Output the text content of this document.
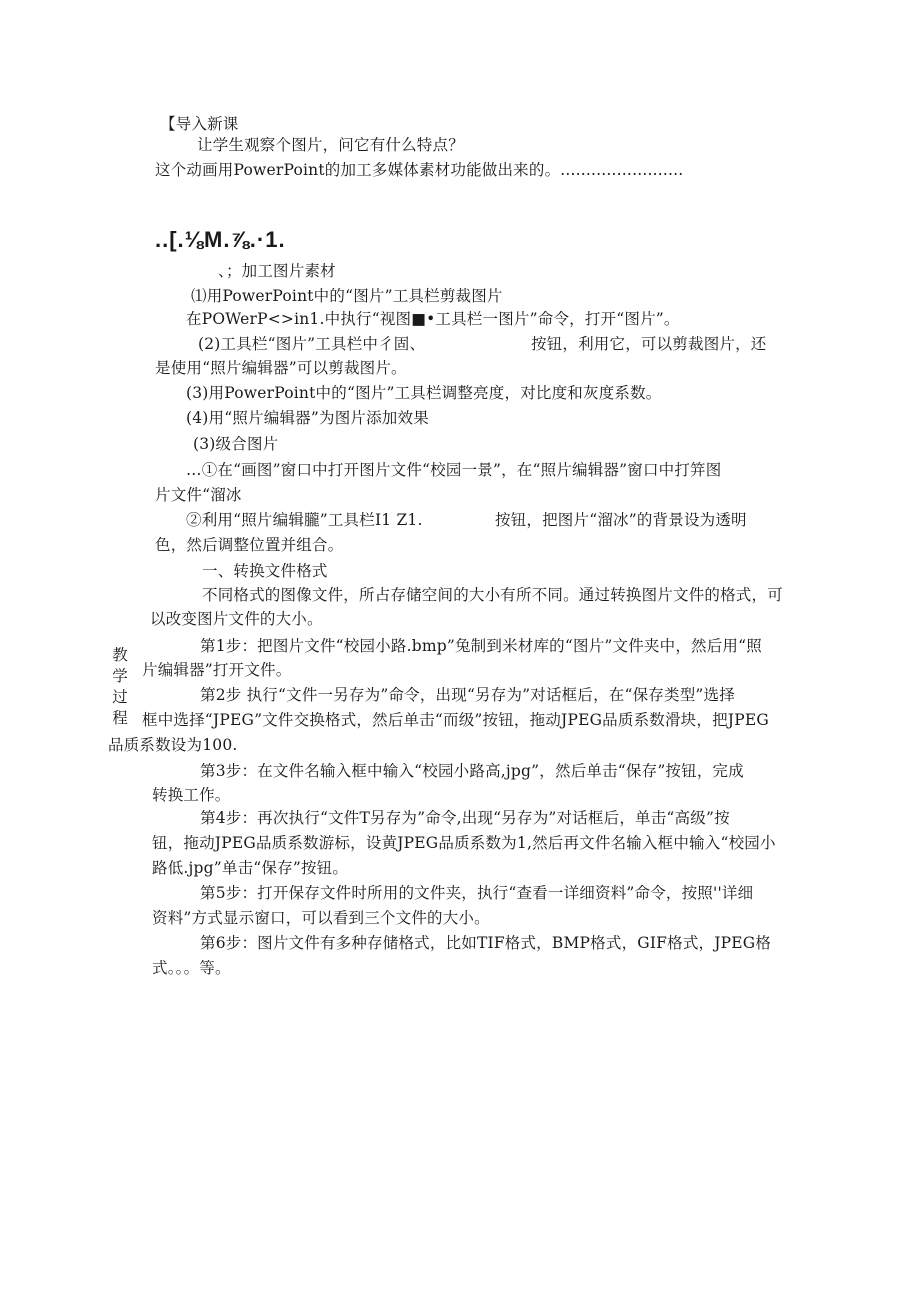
【导入新课
让学生观察个图片，问它有什么特点？
这个动画用PowerPoint的加工多媒体素材功能做出来的。........................
..[.⅛M.⅞.·1.
、；加工图片素材
⑴用PowerPoint中的“图片”工具栏剪裁图片
在POWerP<>in1.中执行“视图■•工具栏一图片”命令，打开“图片”。
(2)工具栏“图片”工具栏中彳固、	按钮，利用它，可以剪裁图片，还
是使用“照片编辑器”可以剪裁图片。
(3)用PowerPoint中的“图片”工具栏调整亮度，对比度和灰度系数。
(4)用“照片编辑器”为图片添加效果
(3)级合图片
…①在“画图”窗口中打开图片文件“校园一景”，在“照片编辑器”窗口中打笄图
片文件“溜冰
②利用“照片编辑朧”工具栏I1 Z1.	按钮，把图片“溜冰”的背景设为透明
色，然后调整位置并组合。
一、转换文件格式
不同格式的图像文件，所占存储空间的大小有所不同。通过转换图片文件的格式，可
以改变图片文件的大小。
第1步：把图片文件“校园小路.bmp”兔制到米材库的“图片”文件夹中，然后用“照
片编辑器”打开文件。
第2步 执行“文件一另存为”命令，出现“另存为”对话框后，在“保存类型”选择
框中选择“JPEG”文件交换格式，然后单击“而级”按钮，拖动JPEG品质系数滑块，把JPEG
品质系数设为100.
第3步：在文件名输入框中输入“校园小路高,jpg”，然后单击“保存”按钮，完成
转换工作。
第4步：再次执行“文件T另存为”命令,出现“另存为”对话框后，单击“高级”按
钮，拖动JPEG品质系数游标，设黄JPEG品质系数为1,然后再文件名输入框中输入“校园小
路低.jpg”单击“保存”按钮。
第5步：打开保存文件时所用的文件夹，执行“查看一详细资料”命令，按照''详细
资料”方式显示窗口，可以看到三个文件的大小。
第6步：图片文件有多种存储格式，比如TIF格式，BMP格式，GIF格式，JPEG格
式。。。等。
教
学
过
程
